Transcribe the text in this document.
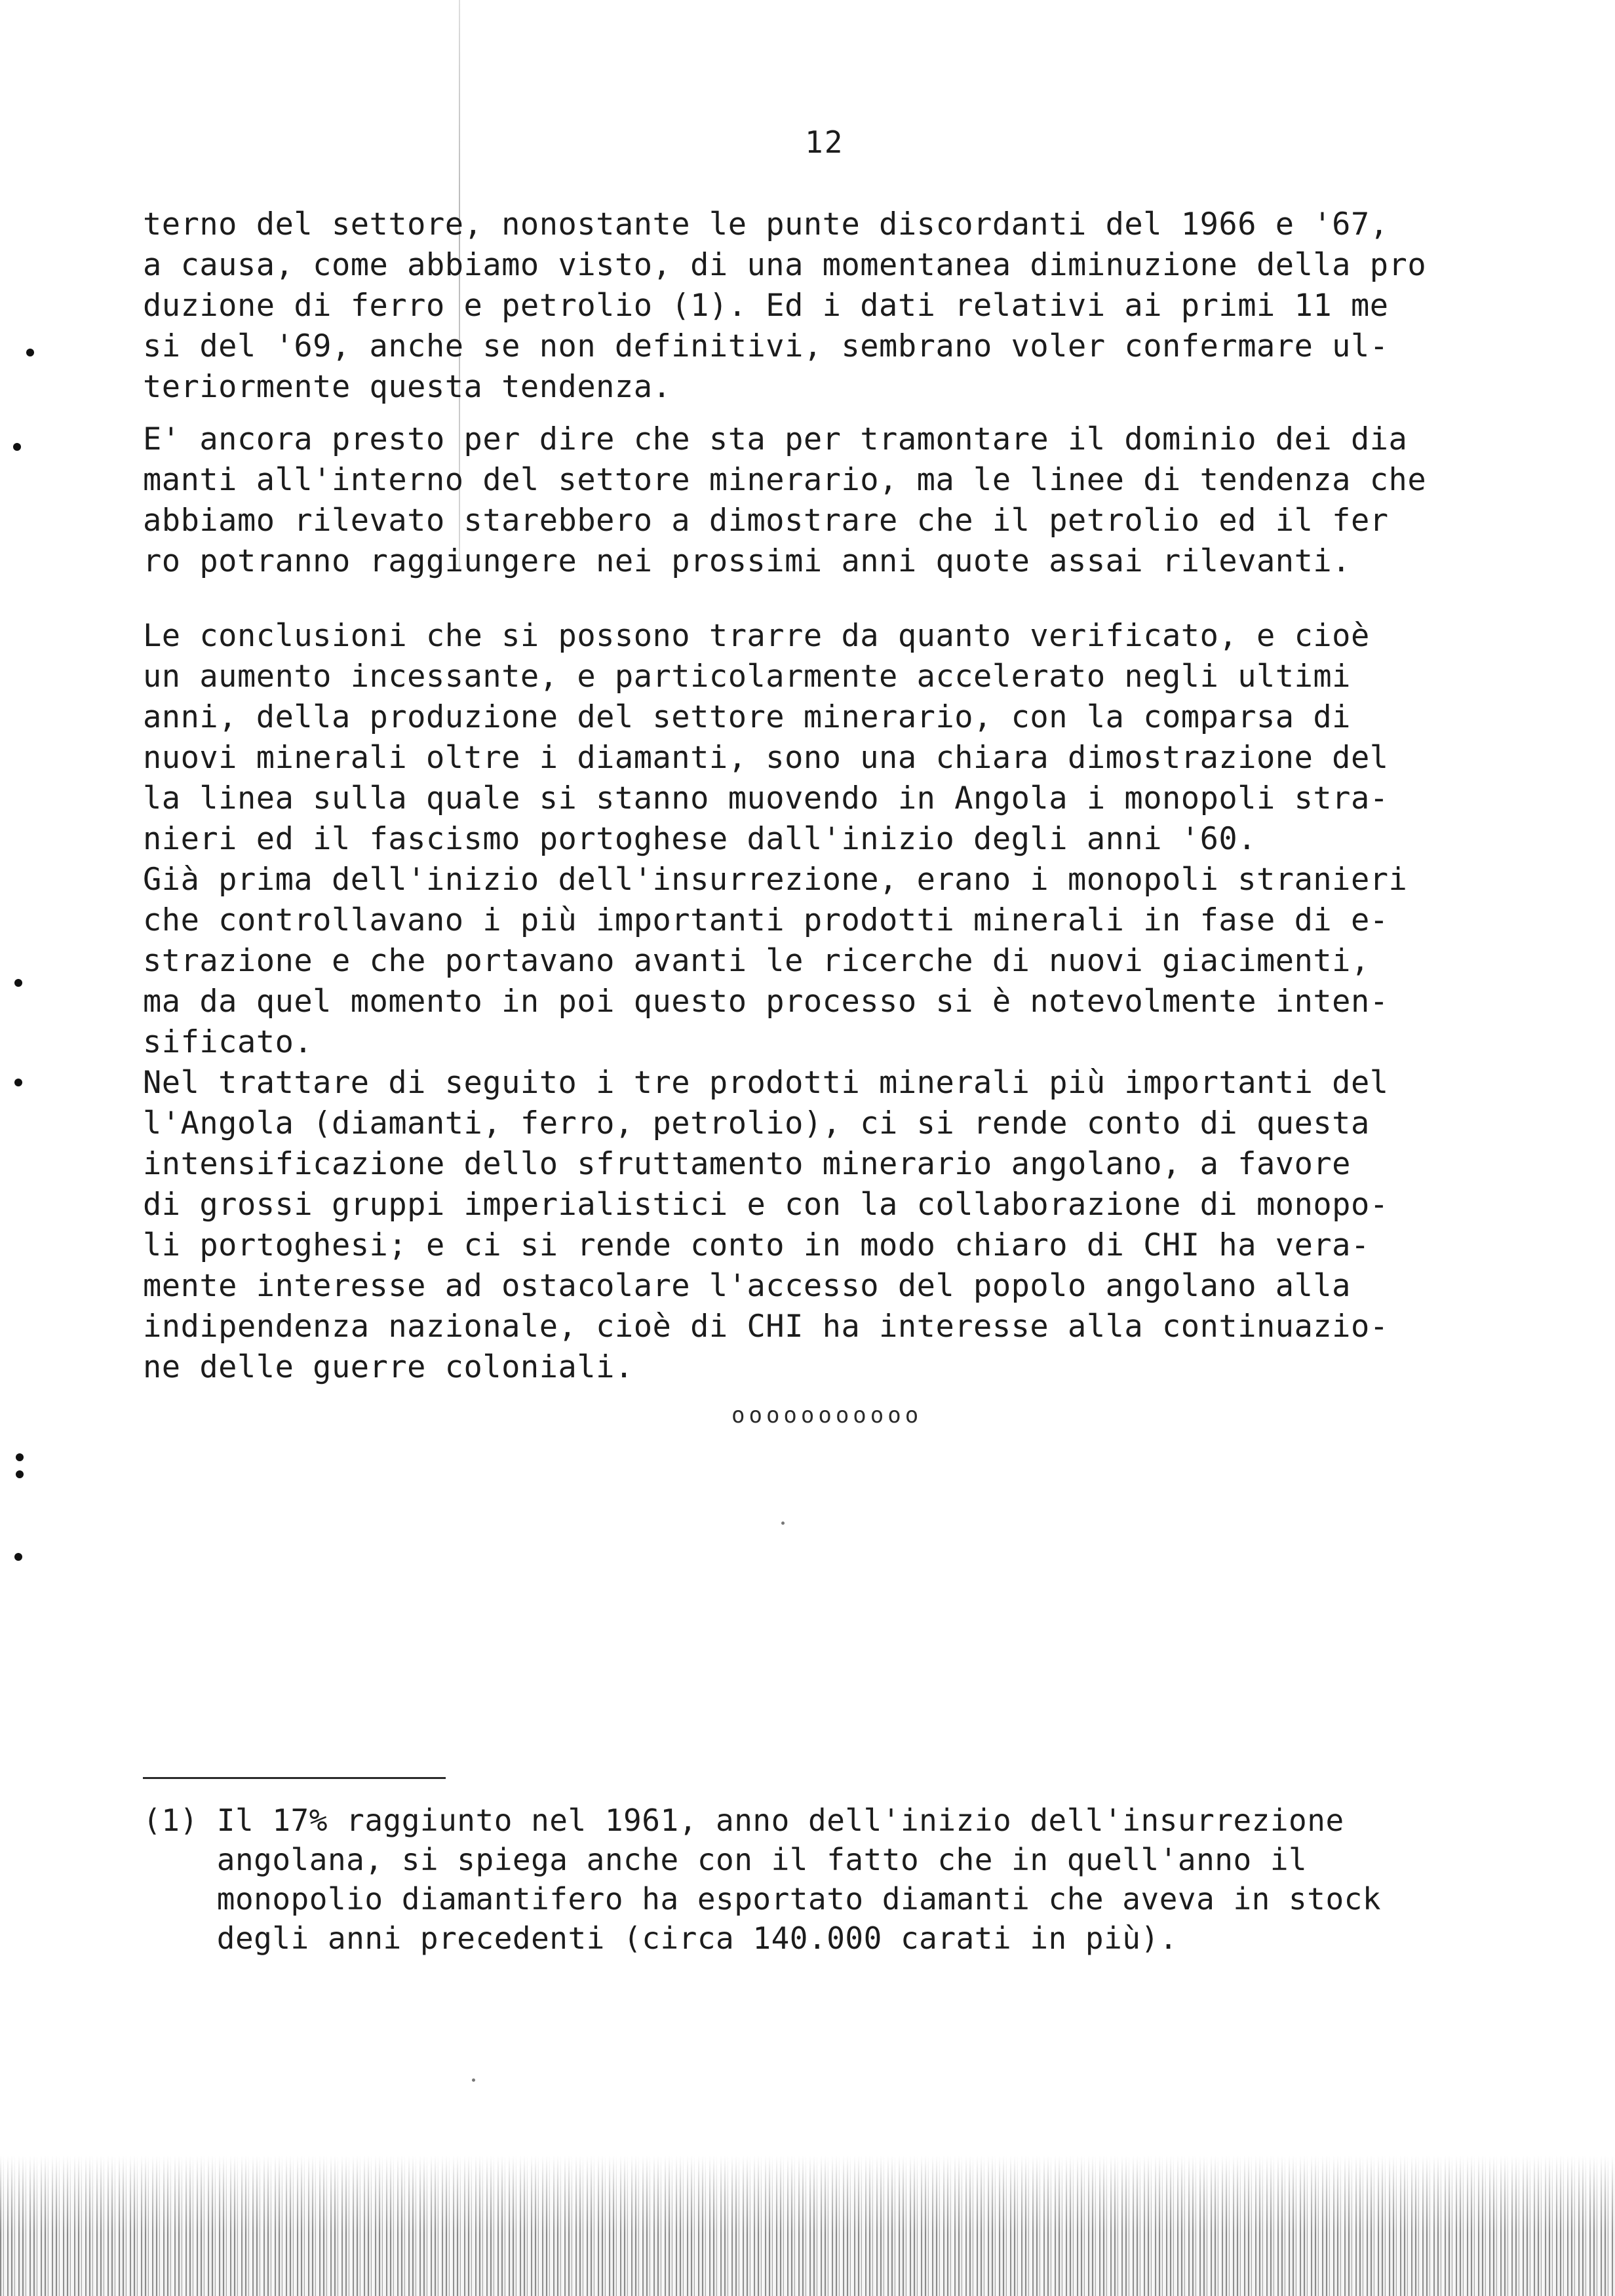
12
terno del settore, nonostante le punte discordanti del 1966 e '67,
a causa, come abbiamo visto, di una momentanea diminuzione della pro
duzione di ferro e petrolio (1). Ed i dati relativi ai primi 11 me
si del '69, anche se non definitivi, sembrano voler confermare ul-
teriormente questa tendenza.
E' ancora presto per dire che sta per tramontare il dominio dei dia
manti all'interno del settore minerario, ma le linee di tendenza che
abbiamo rilevato starebbero a dimostrare che il petrolio ed il fer
ro potranno raggiungere nei prossimi anni quote assai rilevanti.
Le conclusioni che si possono trarre da quanto verificato, e cioè
un aumento incessante, e particolarmente accelerato negli ultimi
anni, della produzione del settore minerario, con la comparsa di
nuovi minerali oltre i diamanti, sono una chiara dimostrazione del
la linea sulla quale si stanno muovendo in Angola i monopoli stra-
nieri ed il fascismo portoghese dall'inizio degli anni '60.
Già prima dell'inizio dell'insurrezione, erano i monopoli stranieri
che controllavano i più importanti prodotti minerali in fase di e-
strazione e che portavano avanti le ricerche di nuovi giacimenti,
ma da quel momento in poi questo processo si è notevolmente inten-
sificato.
Nel trattare di seguito i tre prodotti minerali più importanti del
l'Angola (diamanti, ferro, petrolio), ci si rende conto di questa
intensificazione dello sfruttamento minerario angolano, a favore
di grossi gruppi imperialistici e con la collaborazione di monopo-
li portoghesi; e ci si rende conto in modo chiaro di CHI ha vera-
mente interesse ad ostacolare l'accesso del popolo angolano alla
indipendenza nazionale, cioè di CHI ha interesse alla continuazio-
ne delle guerre coloniali.
ooooooooooo
(1) Il 17% raggiunto nel 1961, anno dell'inizio dell'insurrezione
angolana, si spiega anche con il fatto che in quell'anno il
monopolio diamantifero ha esportato diamanti che aveva in stock
degli anni precedenti (circa 140.000 carati in più).
